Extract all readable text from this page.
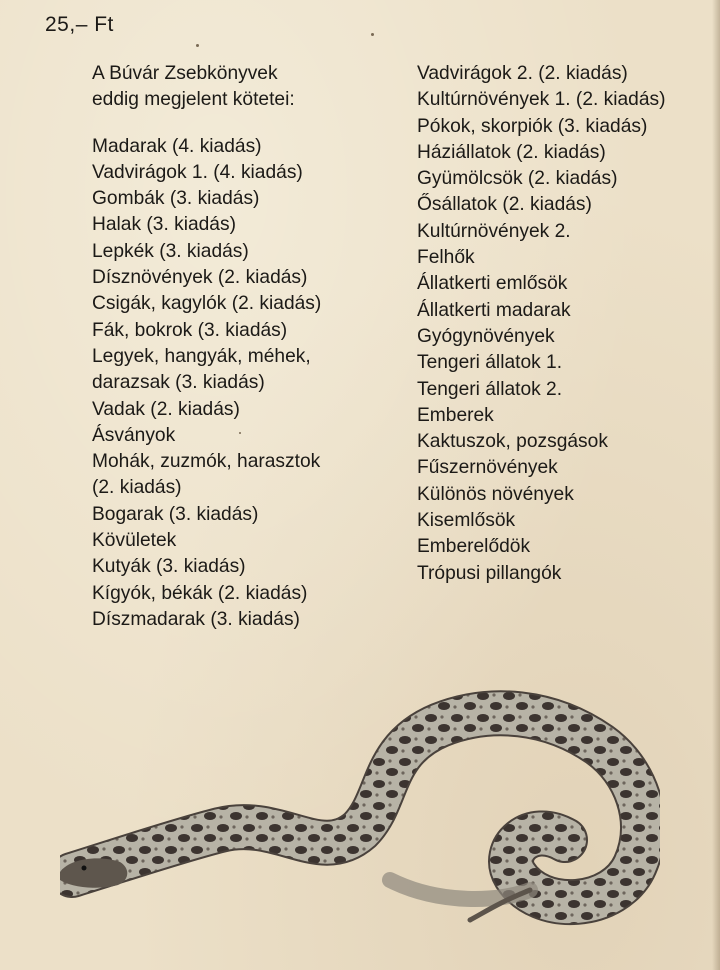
25,– Ft
A Búvár Zsebkönyvek
eddig megjelent kötetei:
Madarak (4. kiadás)
Vadvirágok 1. (4. kiadás)
Gombák (3. kiadás)
Halak (3. kiadás)
Lepkék (3. kiadás)
Dísznövények (2. kiadás)
Csigák, kagylók (2. kiadás)
Fák, bokrok (3. kiadás)
Legyek, hangyák, méhek,
darazsak (3. kiadás)
Vadak (2. kiadás)
Ásványok
Mohák, zuzmók, harasztok
(2. kiadás)
Bogarak (3. kiadás)
Kövületek
Kutyák (3. kiadás)
Kígyók, békák (2. kiadás)
Díszmadarak (3. kiadás)
Vadvirágok 2. (2. kiadás)
Kultúrnövények 1. (2. kiadás)
Pókok, skorpiók (3. kiadás)
Háziállatok (2. kiadás)
Gyümölcsök (2. kiadás)
Ősállatok (2. kiadás)
Kultúrnövények 2.
Felhők
Állatkerti emlősök
Állatkerti madarak
Gyógynövények
Tengeri állatok 1.
Tengeri állatok 2.
Emberek
Kaktuszok, pozsgások
Fűszernövények
Különös növények
Kisemlősök
Emberelődök
Trópusi pillangók
